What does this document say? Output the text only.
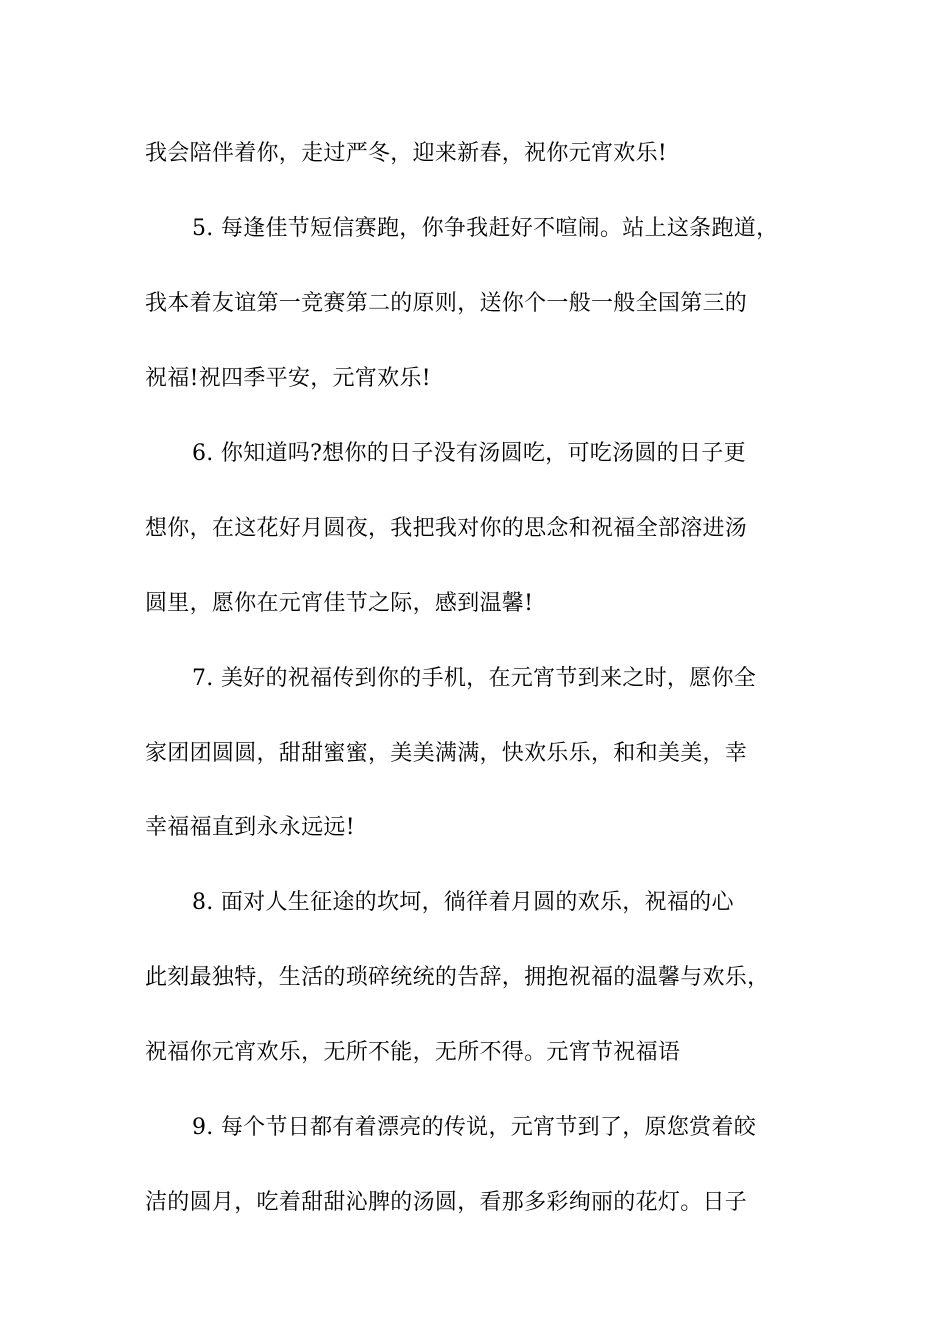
我会陪伴着你，走过严冬，迎来新春，祝你元宵欢乐!
5. 每逢佳节短信赛跑，你争我赶好不喧闹。站上这条跑道，
我本着友谊第一竞赛第二的原则，送你个一般一般全国第三的
祝福!祝四季平安，元宵欢乐!
6. 你知道吗?想你的日子没有汤圆吃，可吃汤圆的日子更
想你，在这花好月圆夜，我把我对你的思念和祝福全部溶进汤
圆里，愿你在元宵佳节之际，感到温馨!
7. 美好的祝福传到你的手机，在元宵节到来之时，愿你全
家团团圆圆，甜甜蜜蜜，美美满满，快欢乐乐，和和美美，幸
幸福福直到永永远远!
8. 面对人生征途的坎坷，徜徉着月圆的欢乐，祝福的心
此刻最独特，生活的琐碎统统的告辞，拥抱祝福的温馨与欢乐，
祝福你元宵欢乐，无所不能，无所不得。元宵节祝福语
9. 每个节日都有着漂亮的传说，元宵节到了，原您赏着皎
洁的圆月，吃着甜甜沁脾的汤圆，看那多彩绚丽的花灯。日子
